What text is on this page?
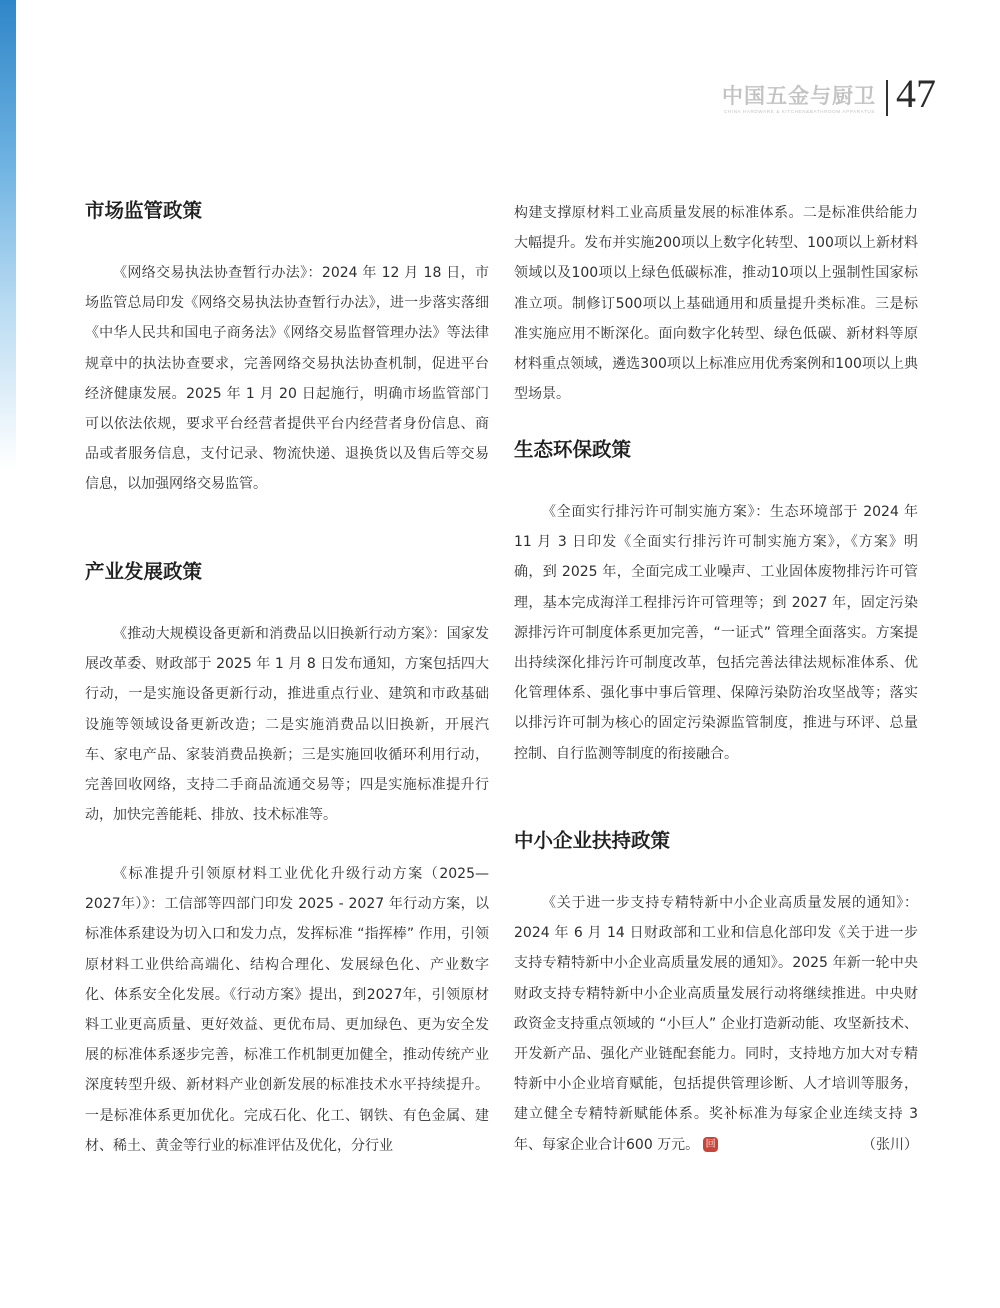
中国五金与厨卫
CHINA HARDWARE & KITCHEN&BATHROOM APPARATUS 47
市场监管政策

《网络交易执法协查暂行办法》：2024 年 12 月 18 日，市场监管总局印发《网络交易执法协查暂行办法》，进一步落实落细《中华人民共和国电子商务法》《网络交易监督管理办法》等法律规章中的执法协查要求，完善网络交易执法协查机制，促进平台经济健康发展。2025 年 1 月 20 日起施行，明确市场监管部门可以依法依规，要求平台经营者提供平台内经营者身份信息、商品或者服务信息，支付记录、物流快递、退换货以及售后等交易信息，以加强网络交易监管。

产业发展政策

《推动大规模设备更新和消费品以旧换新行动方案》：国家发展改革委、财政部于 2025 年 1 月 8 日发布通知，方案包括四大行动，一是实施设备更新行动，推进重点行业、建筑和市政基础设施等领域设备更新改造；二是实施消费品以旧换新，开展汽车、家电产品、家装消费品换新；三是实施回收循环利用行动，完善回收网络，支持二手商品流通交易等；四是实施标准提升行动，加快完善能耗、排放、技术标准等。

《标准提升引领原材料工业优化升级行动方案（2025—2027年）》：工信部等四部门印发 2025 - 2027 年行动方案，以标准体系建设为切入口和发力点，发挥标准 “指挥棒” 作用，引领原材料工业供给高端化、结构合理化、发展绿色化、产业数字化、体系安全化发展。《行动方案》提出，到2027年，引领原材料工业更高质量、更好效益、更优布局、更加绿色、更为安全发展的标准体系逐步完善，标准工作机制更加健全，推动传统产业深度转型升级、新材料产业创新发展的标准技术水平持续提升。一是标准体系更加优化。完成石化、化工、钢铁、有色金属、建材、稀土、黄金等行业的标准评估及优化，分行业

构建支撑原材料工业高质量发展的标准体系。二是标准供给能力大幅提升。发布并实施200项以上数字化转型、100项以上新材料领域以及100项以上绿色低碳标准，推动10项以上强制性国家标准立项。制修订500项以上基础通用和质量提升类标准。三是标准实施应用不断深化。面向数字化转型、绿色低碳、新材料等原材料重点领域，遴选300项以上标准应用优秀案例和100项以上典型场景。

生态环保政策

《全面实行排污许可制实施方案》：生态环境部于 2024 年 11 月 3 日印发《全面实行排污许可制实施方案》，《方案》明确，到 2025 年，全面完成工业噪声、工业固体废物排污许可管理，基本完成海洋工程排污许可管理等；到 2027 年，固定污染源排污许可制度体系更加完善，“一证式” 管理全面落实。方案提出持续深化排污许可制度改革，包括完善法律法规标准体系、优化管理体系、强化事中事后管理、保障污染防治攻坚战等；落实以排污许可制为核心的固定污染源监管制度，推进与环评、总量控制、自行监测等制度的衔接融合。

中小企业扶持政策

《关于进一步支持专精特新中小企业高质量发展的通知》：2024 年 6 月 14 日财政部和工业和信息化部印发《关于进一步支持专精特新中小企业高质量发展的通知》。2025 年新一轮中央财政支持专精特新中小企业高质量发展行动将继续推进。中央财政资金支持重点领域的 “小巨人” 企业打造新动能、攻坚新技术、开发新产品、强化产业链配套能力。同时，支持地方加大对专精特新中小企业培育赋能，包括提供管理诊断、人才培训等服务，建立健全专精特新赋能体系。奖补标准为每家企业连续支持 3 年、每家企业合计600 万元。 回	（张川）
